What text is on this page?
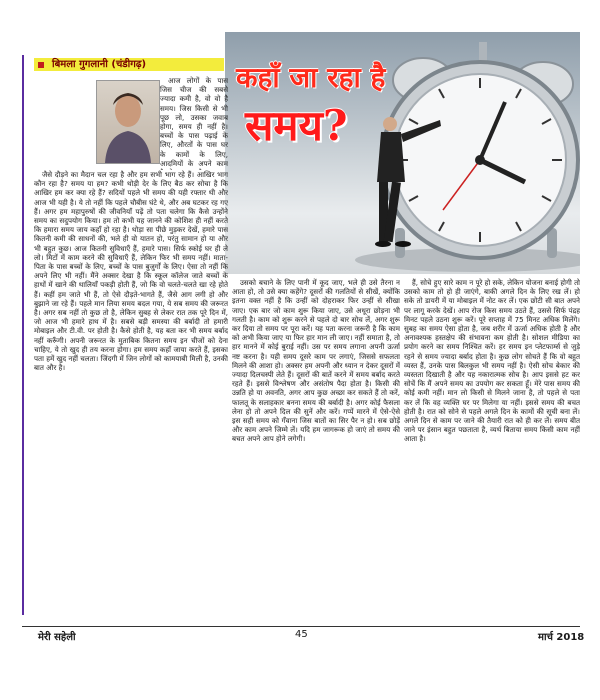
कहाँ जा रहा है
समय?
बिमला गुगलानी (चंडीगढ़)

आज लोगों के पास जिस चीज की सबसे ज्यादा कमी है, वो वो है समय। जिस किसी से भी पूछ लो, उसका जवाब होगा, समय ही नहीं है। बच्चों के पास पढ़ाई के लिए, औरतों के पास घर के कामों के लिए, आदमियों के अपने काम

जैसे दौड़ने का मैदान चल रहा है और हम सभी भाग रहे हैं। आखिर भाग कौन रहा है? समय या हम? कभी थोड़ी देर के लिए बैठ कर सोचा है कि आखिर हम कर क्या रहे हैं? सदियों पहले भी समय की यही रफ्तार थी और आज भी यही है। ये तो नहीं कि पहले चौबीस घंटे थे, और अब घटकर रह गए हैं। अगर हम महापुरुषों की जीवनियाँ पढ़ें तो पता चलेगा कि कैसे उन्होंने समय का सदुपयोग किया। हम तो कभी यह जानने की कोशिश ही नहीं करते कि हमारा समय जाय कहाँ हो रहा है। थोड़ा सा पीछे मुड़कर देखें, हमारे पास कितनी कमी की साधनों की, भले ही वो यातन हो, परंतु सामान हो या और भी बहुत कुछ। आज कितनी सुविधाएँ हैं, हमारे पास। सिर्फ स्कोई घर ही ले लो। मिटों में काम करने की सुविधाएँ हैं, लेकिन फिर भी समय नहीं। माता-पिता के पास बच्चों के लिए, बच्चों के पास बुजुर्गों के लिए। ऐसा तो नहीं कि अपने लिए भी नहीं। मैंने अक्सर देखा है कि स्कूल कॉलेज जाते बच्चों के हाथों में खाने की थालियाँ पकड़ी होती हैं, जो कि वो चलते-चलते खा रहे होते हैं। कहीं हम जाते भी हैं, तो ऐसे दौड़ते-भागते हैं, जैसे आग लगी हो और बुझाने जा रहे हैं। पहले मान लिया समय बदल गया, ये सब समय की जरूरत है। अगर सब नहीं तो कुछ तो है, लेकिन सुबह से लेकर रात तक पूरे दिन में, जो आज भी हमारे हाथ में है। सबसे बड़ी समस्या की बर्बादी तो हमारी मोबाइल और टी.वी. पर होती है। कैसे होती है, यह बता कर भी समय बर्बाद नहीं करूँगी। अपनी जरूरत के मुताबिक कितना समय इन चीजों को देना चाहिए, ये तो खुद ही तय करना होगा। हम समय कहाँ जाया करते हैं, इसका पता हमें खुद नहीं चलता। जिंदगी में जिन लोगों को कामयाबी मिली है, उनकी बात और है।

उसको बचाने के लिए पानी में कूद जाए, भले ही उसे तैरना न आता हो, तो उसे क्या कहेंगे? दूसरों की गलतियों से सीखें, क्योंकि इतना वक्त नहीं है कि उन्हीं को दोहराकर फिर उन्हीं से सीखा जाए। एक बार जो काम शुरू किया जाए, उसे अधूरा छोड़ना भी गलती है। काम को शुरू करने से पहले दो बार सोच लें, अगर शुरू कर दिया तो समय पर पूरा करें। यह पता करना जरूरी है कि काम को अभी किया जाए या फिर हार मान ली जाए। नहीं समाता है, तो हार मानने में कोई बुराई नहीं। उस पर समय लगाना अपनी ऊर्जा नष्ट करना है। यही समय दूसरे काम पर लगाएं, जिससे सफलता मिलने की आशा हो। अक्सर हम अपनी और ध्यान न देकर दूसरों में ज्यादा दिलचस्पी लेते हैं। दूसरों की बातें करने में समय बर्बाद करते रहते हैं। इससे विश्लेषण और असंतोष पैदा होता है। किसी की उन्नति हो या अवनति, अगर आप कुछ अच्छा कर सकते हैं तो करें, फालतू के सलाहकार बनना समय की बर्बादी है। अगर कोई फैसला लेना हो तो अपने दिल की सुनें और करें। गप्पें मारने में ऐसे-ऐसे इस सही समय को गँवाना जिस बातों का सिर पैर न हो। सब छोड़ें और काम अपने जिम्मे लें। यदि हम जागरूक हो जाएं तो समय की बचत अपने आप होने लगेगी।

हैं, सोचे हुए सारे काम न पूरे हो सके, लेकिन योजना बनाई होगी तो उसको काम तो हो ही जाएंगे, बाकी अगले दिन के लिए रख लें। हो सके तो डायरी में या मोबाइल में नोट कर लें। एक छोटी सी बात अपने पर लागू करके देखें। आप रोज किस समय उठते हैं, उससे सिर्फ पंद्रह मिनट पहले उठना शुरू करें। पूरे सप्ताह में 75 मिनट अधिक मिलेंगे। सुबह का समय ऐसा होता है, जब शरीर में ऊर्जा अधिक होती है और अनावश्यक हस्तक्षेप की संभावना कम होती है। सोशल मीडिया का प्रयोग करने का समय निश्चित करें। हर समय इन प्लेटफार्म्स से जुड़े रहने से समय ज्यादा बर्बाद होता है। कुछ लोग सोचते हैं कि वो बहुत व्यस्त हैं, उनके पास बिलकुल भी समय नहीं है। ऐसी सोच बेकार की व्यस्तता दिखाती है और यह नकारात्मक सोच है। आप इससे हट कर सोचें कि मैं अपने समय का उपयोग कर सकता हूँ। मेरे पास समय की कोई कमी नहीं। मान लो किसी से मिलने जाना है, तो पहले से पता कर लें कि वह व्यक्ति घर पर मिलेगा या नहीं। इससे समय की बचत होती है। रात को सोने से पहले अगले दिन के कामों की सूची बना लें। अगले दिन से काम पर जाने की तैयारी रात को ही कर लें। समय बीत जाने पर इंसान बहुत पछताता है, व्यर्थ बिताया समय किसी काम नहीं आता है।

मेरी सहेली	45	मार्च 2018
